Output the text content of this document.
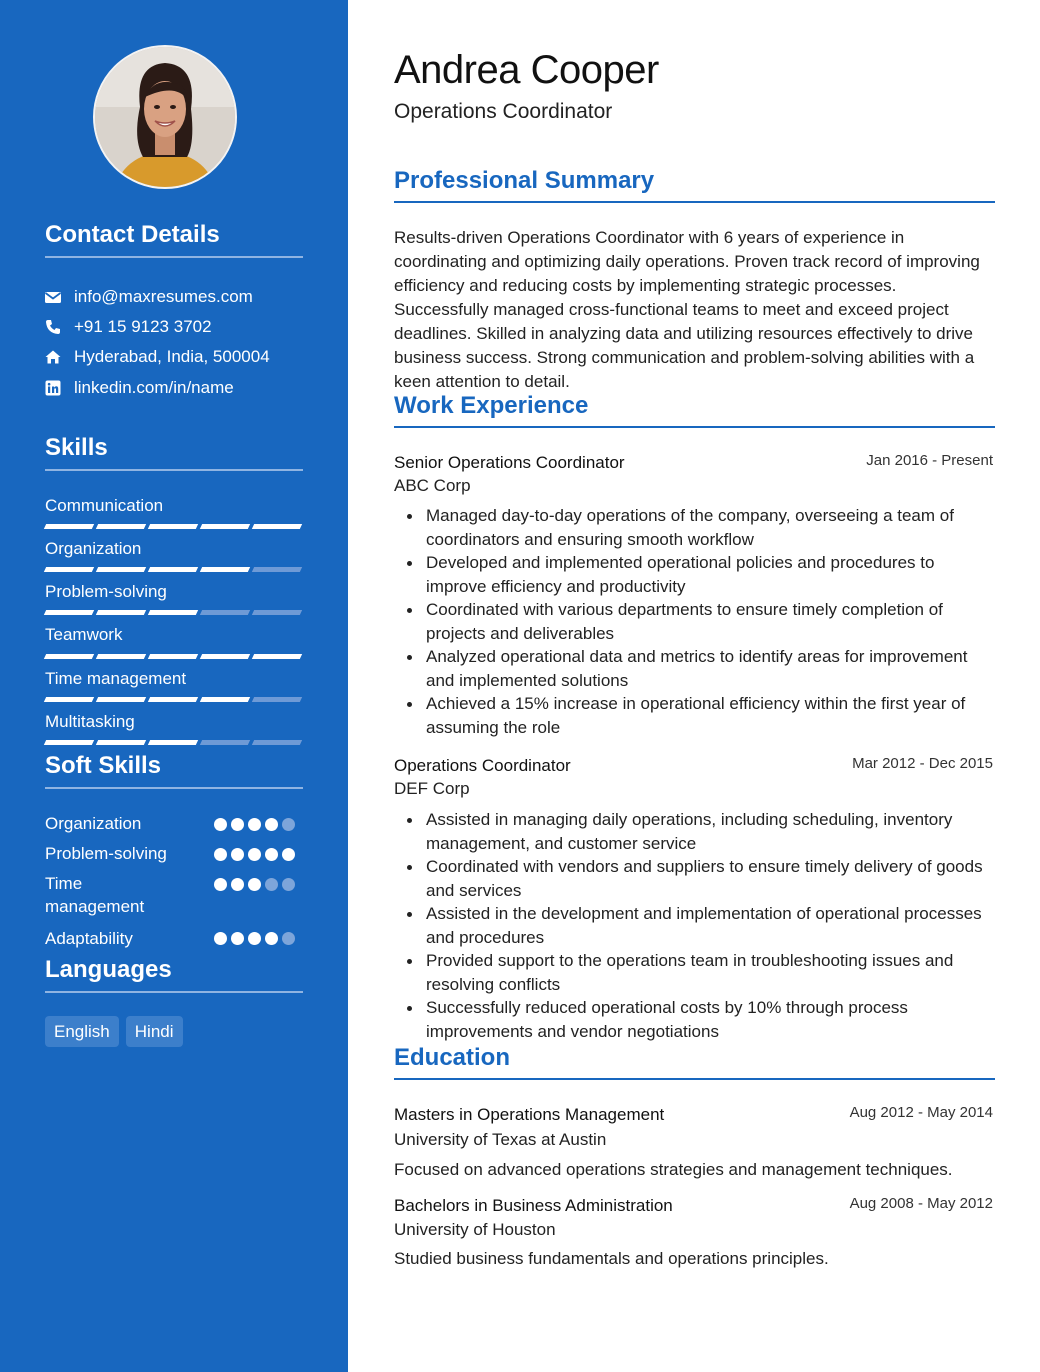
Contact Details
info@maxresumes.com
+91 15 9123 3702
Hyderabad, India, 500004
linkedin.com/in/name
Skills
Communication
Organization
Problem-solving
Teamwork
Time management
Multitasking
Soft Skills
Organization
Problem-solving
Time management
Adaptability
Languages
English	Hindi
Andrea Cooper
Operations Coordinator
Professional Summary

Results-driven Operations Coordinator with 6 years of experience in coordinating and optimizing daily operations. Proven track record of improving efficiency and reducing costs by implementing strategic processes. Successfully managed cross-functional teams to meet and exceed project deadlines. Skilled in analyzing data and utilizing resources effectively to drive business success. Strong communication and problem-solving abilities with a keen attention to detail.

Work Experience
Senior Operations Coordinator	Jan 2016 - Present
ABC Corp
Managed day-to-day operations of the company, overseeing a team of coordinators and ensuring smooth workflow
Developed and implemented operational policies and procedures to improve efficiency and productivity
Coordinated with various departments to ensure timely completion of projects and deliverables
Analyzed operational data and metrics to identify areas for improvement and implemented solutions
Achieved a 15% increase in operational efficiency within the first year of assuming the role
Operations Coordinator	Mar 2012 - Dec 2015
DEF Corp
Assisted in managing daily operations, including scheduling, inventory management, and customer service
Coordinated with vendors and suppliers to ensure timely delivery of goods and services
Assisted in the development and implementation of operational processes and procedures
Provided support to the operations team in troubleshooting issues and resolving conflicts
Successfully reduced operational costs by 10% through process improvements and vendor negotiations
Education
Masters in Operations Management	Aug 2012 - May 2014
University of Texas at Austin
Focused on advanced operations strategies and management techniques.
Bachelors in Business Administration	Aug 2008 - May 2012
University of Houston
Studied business fundamentals and operations principles.
